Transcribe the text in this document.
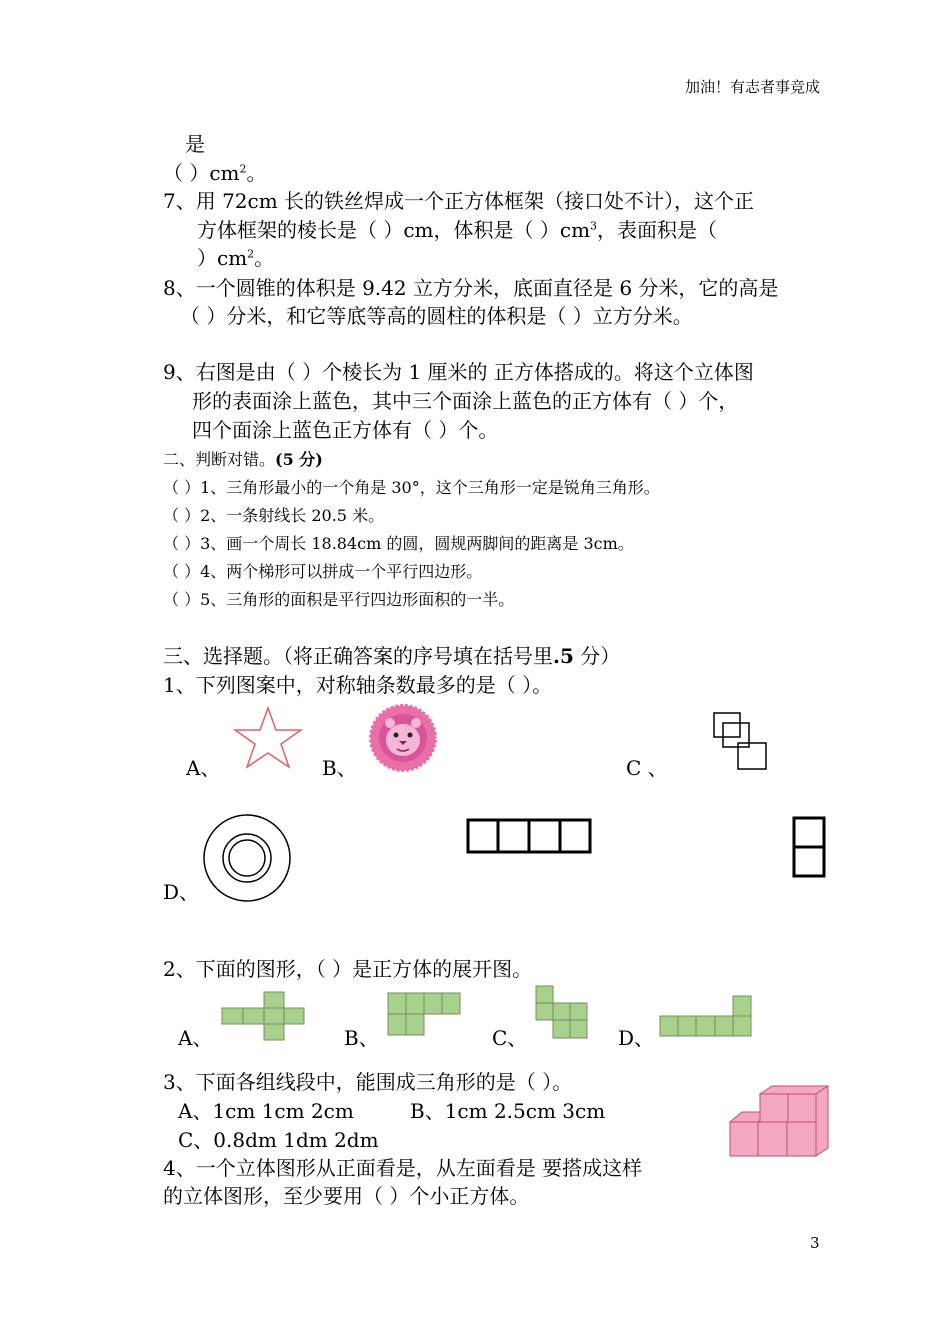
加油！有志者事竞成
是
（ ）$cm^2$。
7、用 72cm 长的铁丝焊成一个正方体框架（接口处不计），这个正
方体框架的棱长是（ ）cm，体积是（ ）$cm^3$，表面积是（
）$cm^2$。
8、一个圆锥的体积是 9.42 立方分米，底面直径是 6 分米，它的高是
（ ）分米，和它等底等高的圆柱的体积是（ ）立方分米。
9、右图是由（ ）个棱长为 1 厘米的 正方体搭成的。将这个立体图
形的表面涂上蓝色，其中三个面涂上蓝色的正方体有（ ）个，
四个面涂上蓝色正方体有（ ）个。
二、判断对错。(5 分)
（ ）1、三角形最小的一个角是 30°，这个三角形一定是锐角三角形。
（ ）2、一条射线长 20.5 米。
（ ）3、画一个周长 18.84cm 的圆，圆规两脚间的距离是 3cm。
（ ）4、两个梯形可以拼成一个平行四边形。
（ ）5、三角形的面积是平行四边形面积的一半。
三、选择题。（将正确答案的序号填在括号里.5 分）
1、下列图案中，对称轴条数最多的是（ ）。
A、	B、	C 、
D、
2、下面的图形，（ ）是正方体的展开图。
A、	B、	C、	D、
3、下面各组线段中，能围成三角形的是（ ）。
A、1cm 1cm 2cm	B、1cm 2.5cm 3cm
C、0.8dm 1dm 2dm
4、一个立体图形从正面看是，从左面看是 要搭成这样
的立体图形，至少要用（ ）个小正方体。
3
